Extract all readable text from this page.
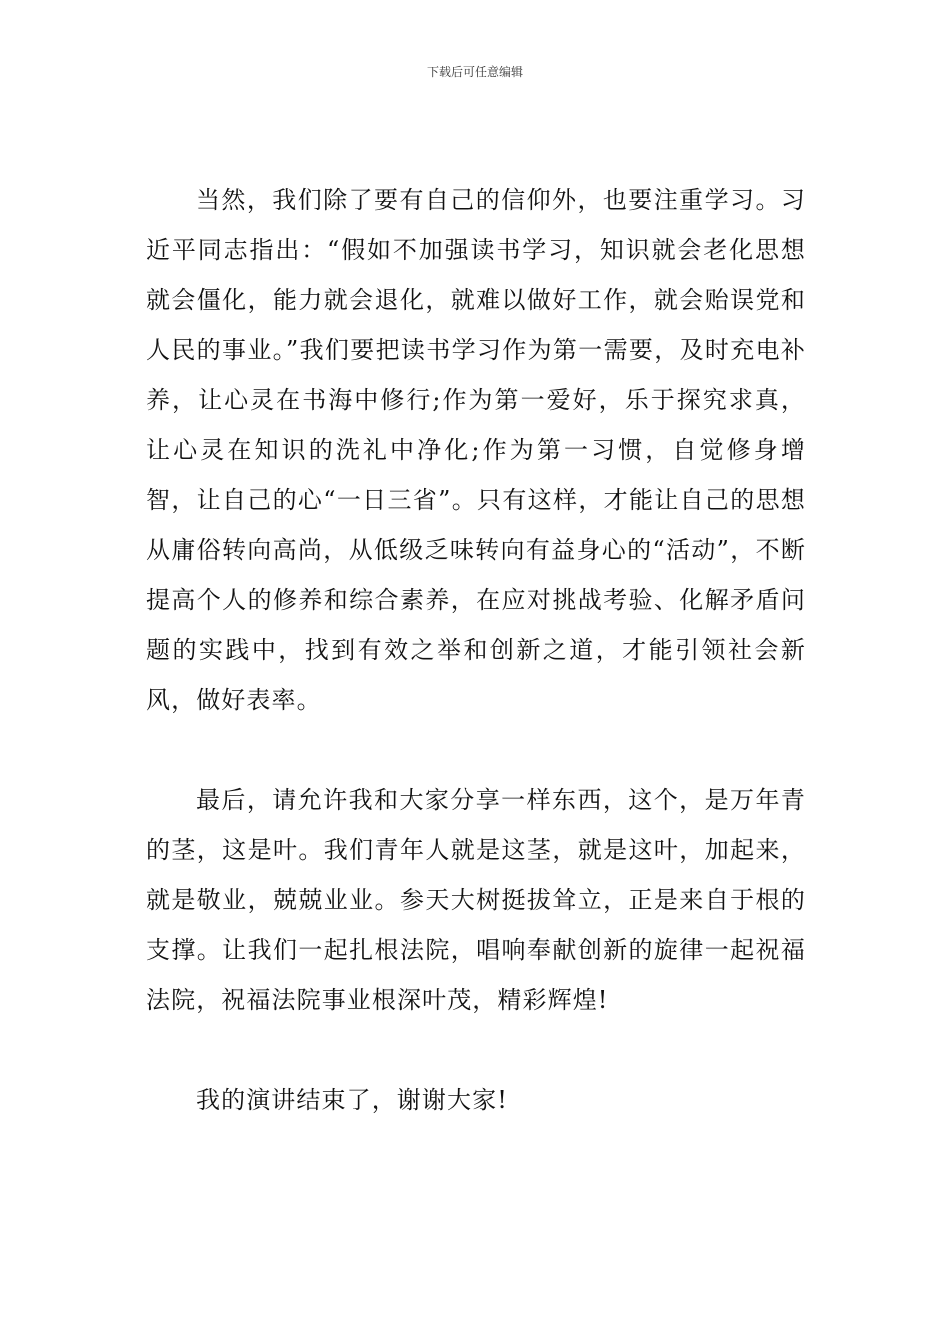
下载后可任意编辑

当然，我们除了要有自己的信仰外，也要注重学习。习近平同志指出：“假如不加强读书学习，知识就会老化思想就会僵化，能力就会退化，就难以做好工作，就会贻误党和人民的事业。”我们要把读书学习作为第一需要，及时充电补养，让心灵在书海中修行;作为第一爱好，乐于探究求真，让心灵在知识的洗礼中净化;作为第一习惯，自觉修身增智，让自己的心“一日三省”。只有这样，才能让自己的思想从庸俗转向高尚，从低级乏味转向有益身心的“活动”，不断提高个人的修养和综合素养，在应对挑战考验、化解矛盾问题的实践中，找到有效之举和创新之道，才能引领社会新风，做好表率。

最后，请允许我和大家分享一样东西，这个，是万年青的茎，这是叶。我们青年人就是这茎，就是这叶，加起来，就是敬业，兢兢业业。参天大树挺拔耸立，正是来自于根的支撑。让我们一起扎根法院，唱响奉献创新的旋律一起祝福法院，祝福法院事业根深叶茂，精彩辉煌!

我的演讲结束了，谢谢大家!
